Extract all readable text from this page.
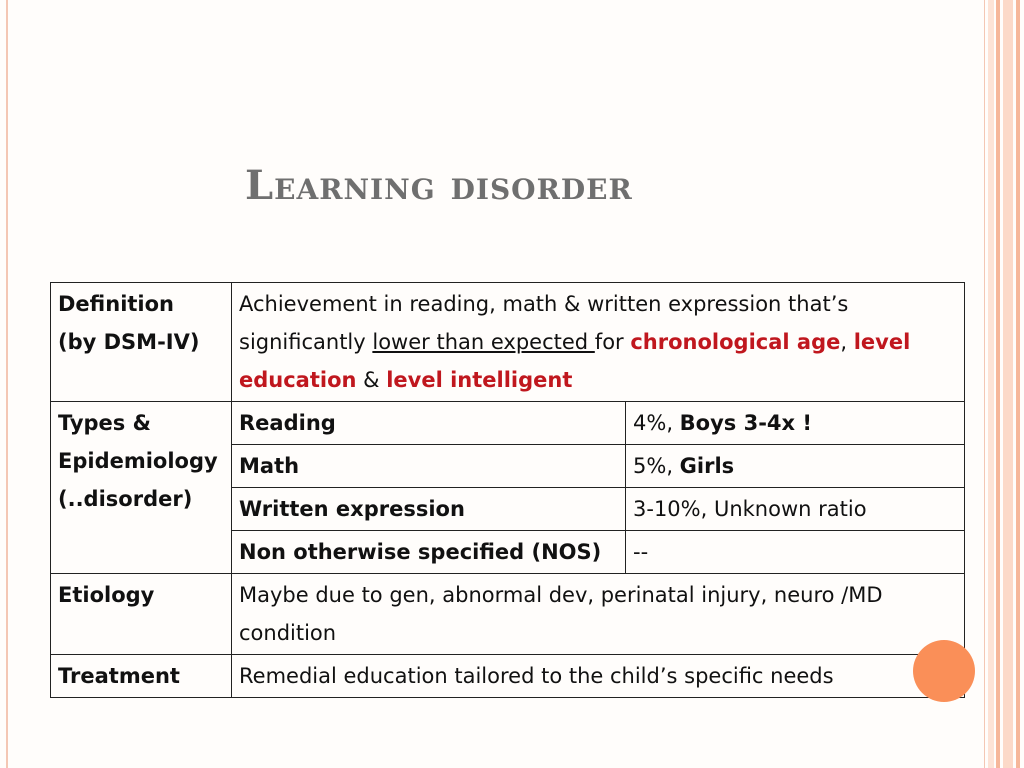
Learning disorder
Definition
(by DSM-IV)	Achievement in reading, math & written expression that’s significantly lower than expected for chronological age, level education & level intelligent	
Types &
Epidemiology
(..disorder)	Reading	4%, Boys 3-4x !
	Math	5%, Girls
	Written expression	3-10%, Unknown ratio
	Non otherwise specified (NOS)	--
Etiology	Maybe due to gen, abnormal dev, perinatal injury, neuro /MD condition	
Treatment	Remedial education tailored to the child’s specific needs	
